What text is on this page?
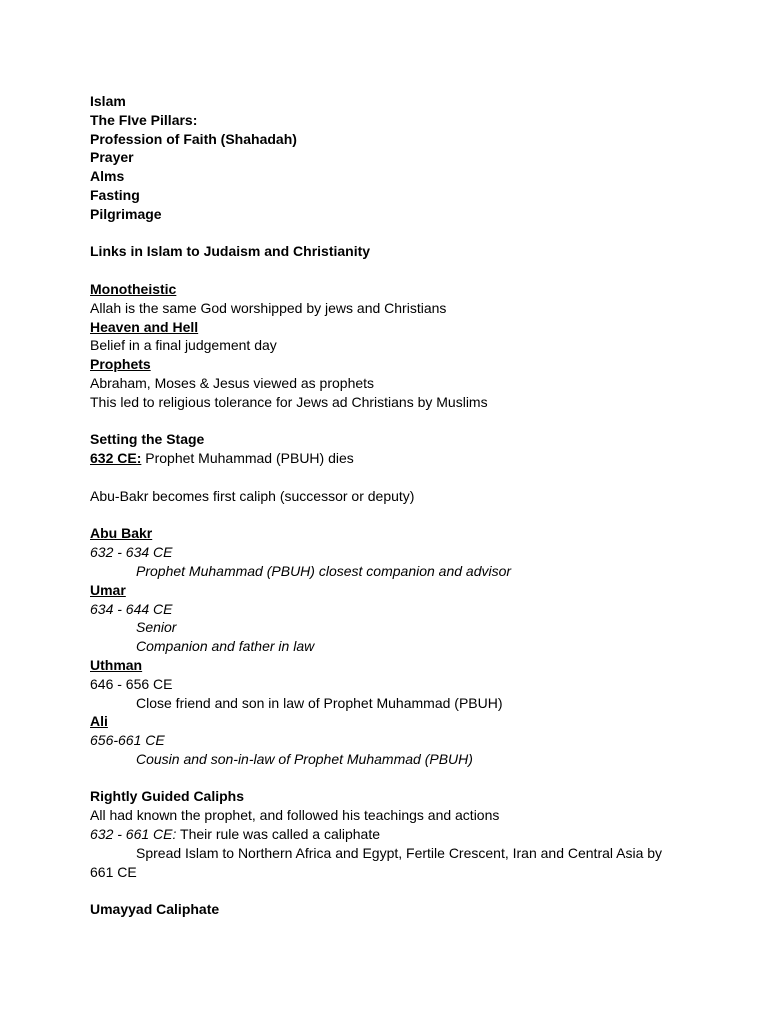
Islam
The FIve Pillars:
Profession of Faith (Shahadah)
Prayer
Alms
Fasting
Pilgrimage
Links in Islam to Judaism and Christianity
Monotheistic
Allah is the same God worshipped by jews and Christians
Heaven and Hell
Belief in a final judgement day
Prophets
Abraham, Moses & Jesus viewed as prophets
This led to religious tolerance for Jews ad Christians by Muslims
Setting the Stage
632 CE: Prophet Muhammad (PBUH) dies
Abu-Bakr becomes first caliph (successor or deputy)
Abu Bakr
632 - 634 CE
Prophet Muhammad (PBUH) closest companion and advisor
Umar
634 - 644 CE
Senior
Companion and father in law
Uthman
646 - 656 CE
Close friend and son in law of Prophet Muhammad (PBUH)
Ali
656-661 CE
Cousin and son-in-law of Prophet Muhammad (PBUH)
Rightly Guided Caliphs
All had known the prophet, and followed his teachings and actions
632 - 661 CE: Their rule was called a caliphate
Spread Islam to Northern Africa and Egypt, Fertile Crescent, Iran and Central Asia by
661 CE
Umayyad Caliphate
